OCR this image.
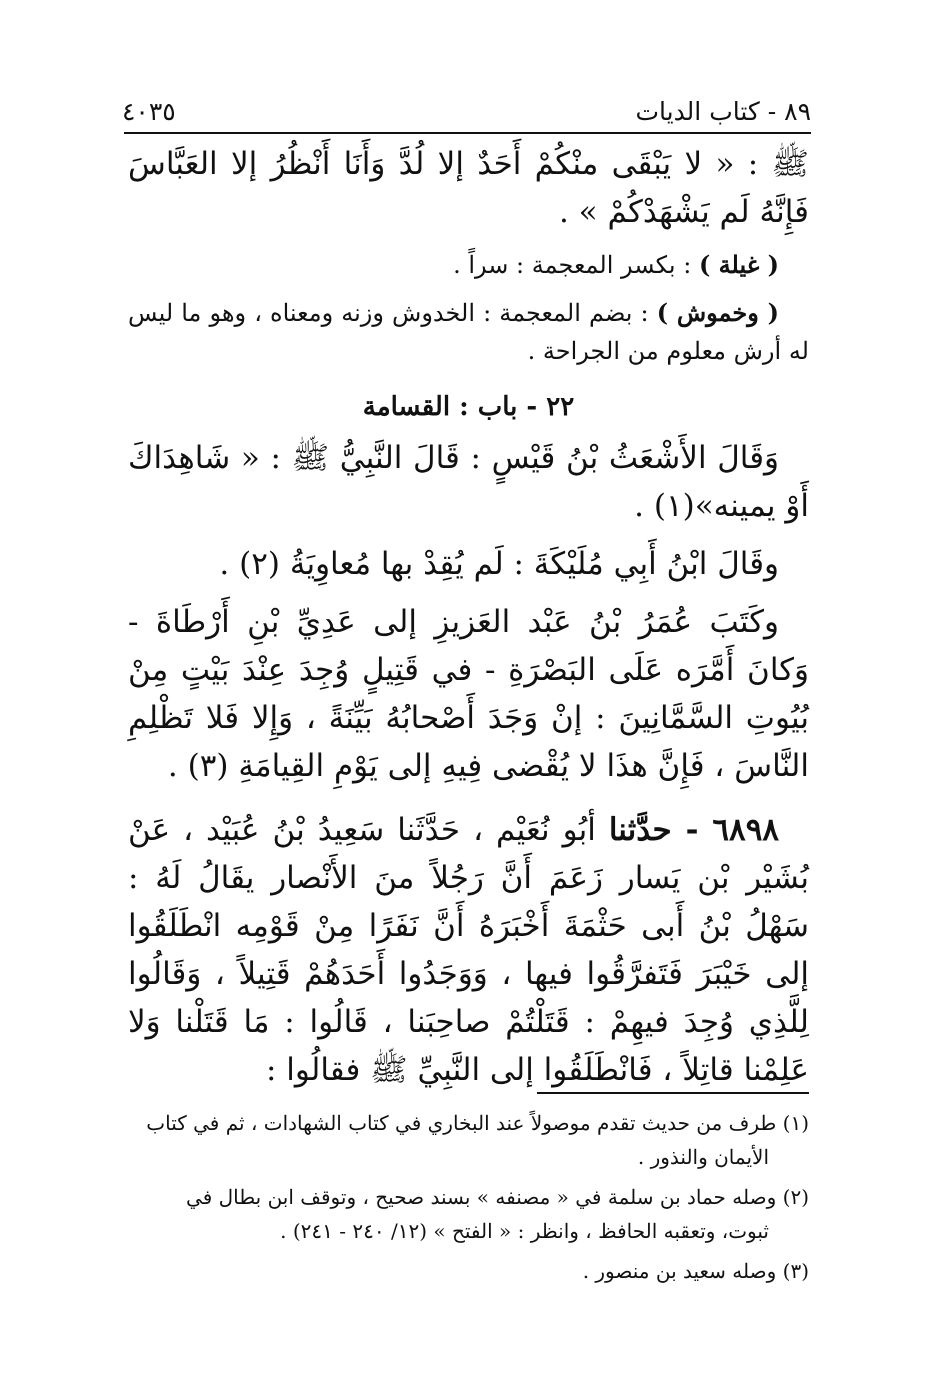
٨٩ - كتاب الديات
٤٠٣٥

ﷺ : « لا يَبْقَى منْكُمْ أَحَدٌ إلا لُدَّ وَأَنَا أَنْظُرُ إلا العَبَّاسَ فَإِنَّهُ لَم يَشْهَدْكُمْ » .

( غيلة ) : بكسر المعجمة : سراً .

( وخموش ) : بضم المعجمة : الخدوش وزنه ومعناه ، وهو ما ليس له أرش معلوم من الجراحة .

٢٢ - باب : القسامة

وَقَالَ الأَشْعَثُ بْنُ قَيْسٍ : قَالَ النَّبِيُّ ﷺ : « شَاهِدَاكَ أَوْ يمينه»(١) .

وقَالَ ابْنُ أَبِي مُلَيْكَةَ : لَم يُقِدْ بها مُعاوِيَةُ (٢) .

وكَتَبَ عُمَرُ بْنُ عَبْد العَزيزِ إلى عَدِيِّ بْنِ أَرْطَاةَ - وَكانَ أَمَّرَه عَلَى البَصْرَةِ - في قَتِيلٍ وُجِدَ عِنْدَ بَيْتٍ مِنْ بُيُوتِ السَّمَّانِينَ : إنْ وَجَدَ أَصْحابُهُ بَيِّنَةً ، وَإِلا فَلا تَظْلِمِ النَّاسَ ، فَإِنَّ هذَا لا يُقْضى فِيهِ إلى يَوْمِ القِيامَةِ (٣) .

٦٨٩٨ - حدَّثنا أبُو نُعَيْم ، حَدَّثَنا سَعِيدُ بْنُ عُبَيْد ، عَنْ بُشَيْر بْن يَسار زَعَمَ أَنَّ رَجُلاً منَ الأَنْصار يقَالُ لَهُ : سَهْلُ بْنُ أَبى حَثْمَةَ أَخْبَرَهُ أَنَّ نَفَرًا مِنْ قَوْمِه انْطَلَقُوا إلى خَيْبَرَ فَتَفرَّقُوا فيها ، وَوَجَدُوا أَحَدَهُمْ قَتِيلاً ، وَقَالُوا لِلَّذِي وُجِدَ فيهِمْ : قَتَلْتُمْ صاحِبَنا ، قَالُوا : مَا قَتَلْنا وَلا عَلِمْنا قاتِلاً ، فَانْطَلَقُوا إلى النَّبِيِّ ﷺ فقالُوا :

(١) طرف من حديث تقدم موصولاً عند البخاري في كتاب الشهادات ، ثم في كتاب
الأيمان والنذور .

(٢) وصله حماد بن سلمة في « مصنفه » بسند صحيح ، وتوقف ابن بطال في
ثبوت، وتعقبه الحافظ ، وانظر : « الفتح » (١٢/ ٢٤٠ - ٢٤١) .

(٣) وصله سعيد بن منصور .
